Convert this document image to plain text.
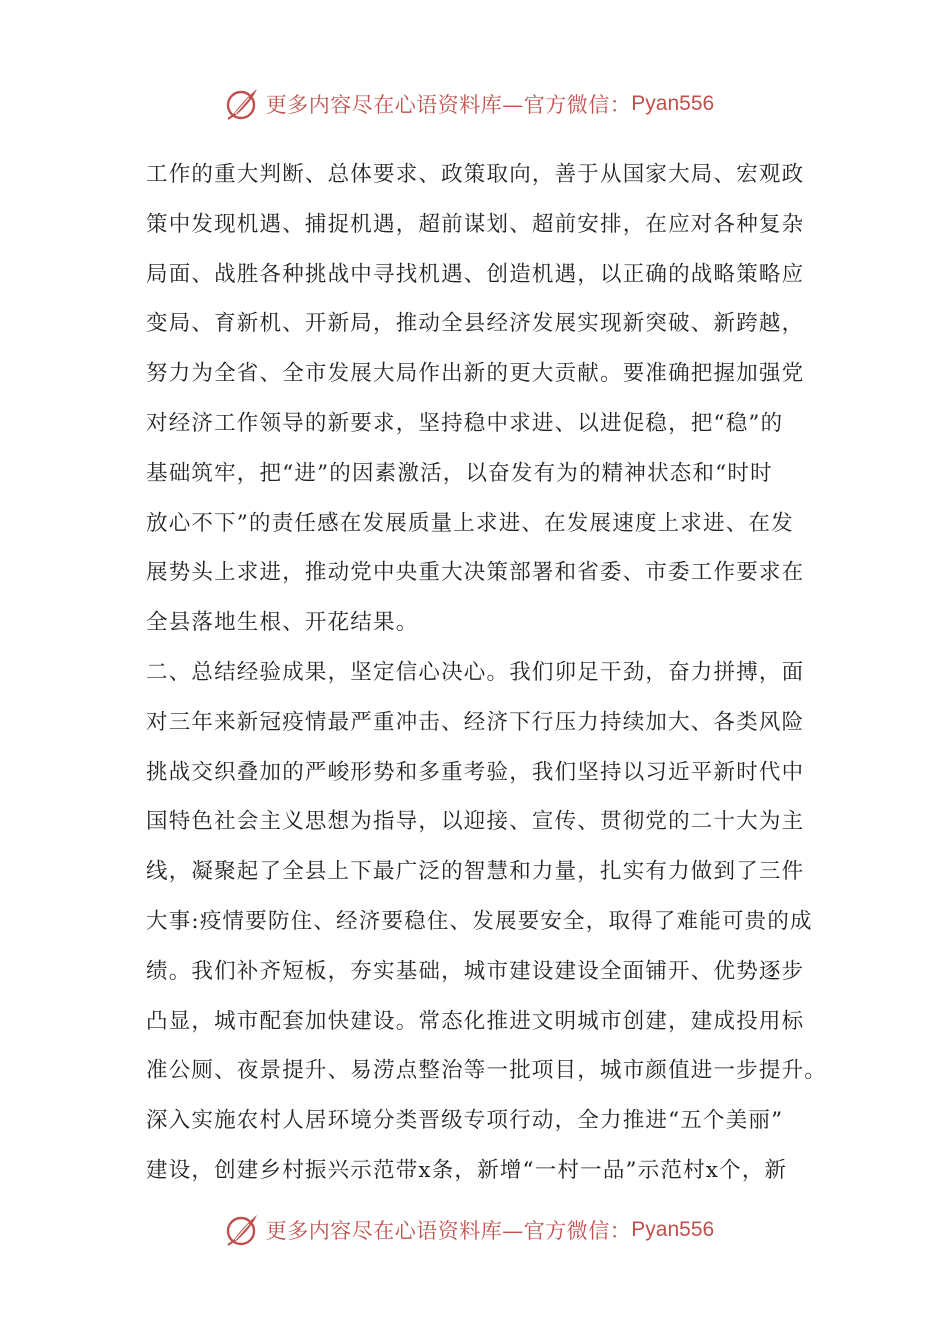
更多内容尽在心语资料库—官方微信： Pyan556
工作的重大判断、总体要求、政策取向，善于从国家大局、宏观政
策中发现机遇、捕捉机遇，超前谋划、超前安排，在应对各种复杂
局面、战胜各种挑战中寻找机遇、创造机遇，以正确的战略策略应
变局、育新机、开新局，推动全县经济发展实现新突破、新跨越，
努力为全省、全市发展大局作出新的更大贡献。要准确把握加强党
对经济工作领导的新要求，坚持稳中求进、以进促稳，把“稳”的
基础筑牢，把“进”的因素激活，以奋发有为的精神状态和“时时
放心不下”的责任感在发展质量上求进、在发展速度上求进、在发
展势头上求进，推动党中央重大决策部署和省委、市委工作要求在
全县落地生根、开花结果。
二、总结经验成果，坚定信心决心。我们卯足干劲，奋力拼搏，面
对三年来新冠疫情最严重冲击、经济下行压力持续加大、各类风险
挑战交织叠加的严峻形势和多重考验，我们坚持以习近平新时代中
国特色社会主义思想为指导，以迎接、宣传、贯彻党的二十大为主
线，凝聚起了全县上下最广泛的智慧和力量，扎实有力做到了三件
大事:疫情要防住、经济要稳住、发展要安全，取得了难能可贵的成
绩。我们补齐短板，夯实基础，城市建设建设全面铺开、优势逐步
凸显，城市配套加快建设。常态化推进文明城市创建，建成投用标
准公厕、夜景提升、易涝点整治等一批项目，城市颜值进一步提升。
深入实施农村人居环境分类晋级专项行动，全力推进“五个美丽”
建设，创建乡村振兴示范带x条，新增“一村一品”示范村x个，新
更多内容尽在心语资料库—官方微信： Pyan556
